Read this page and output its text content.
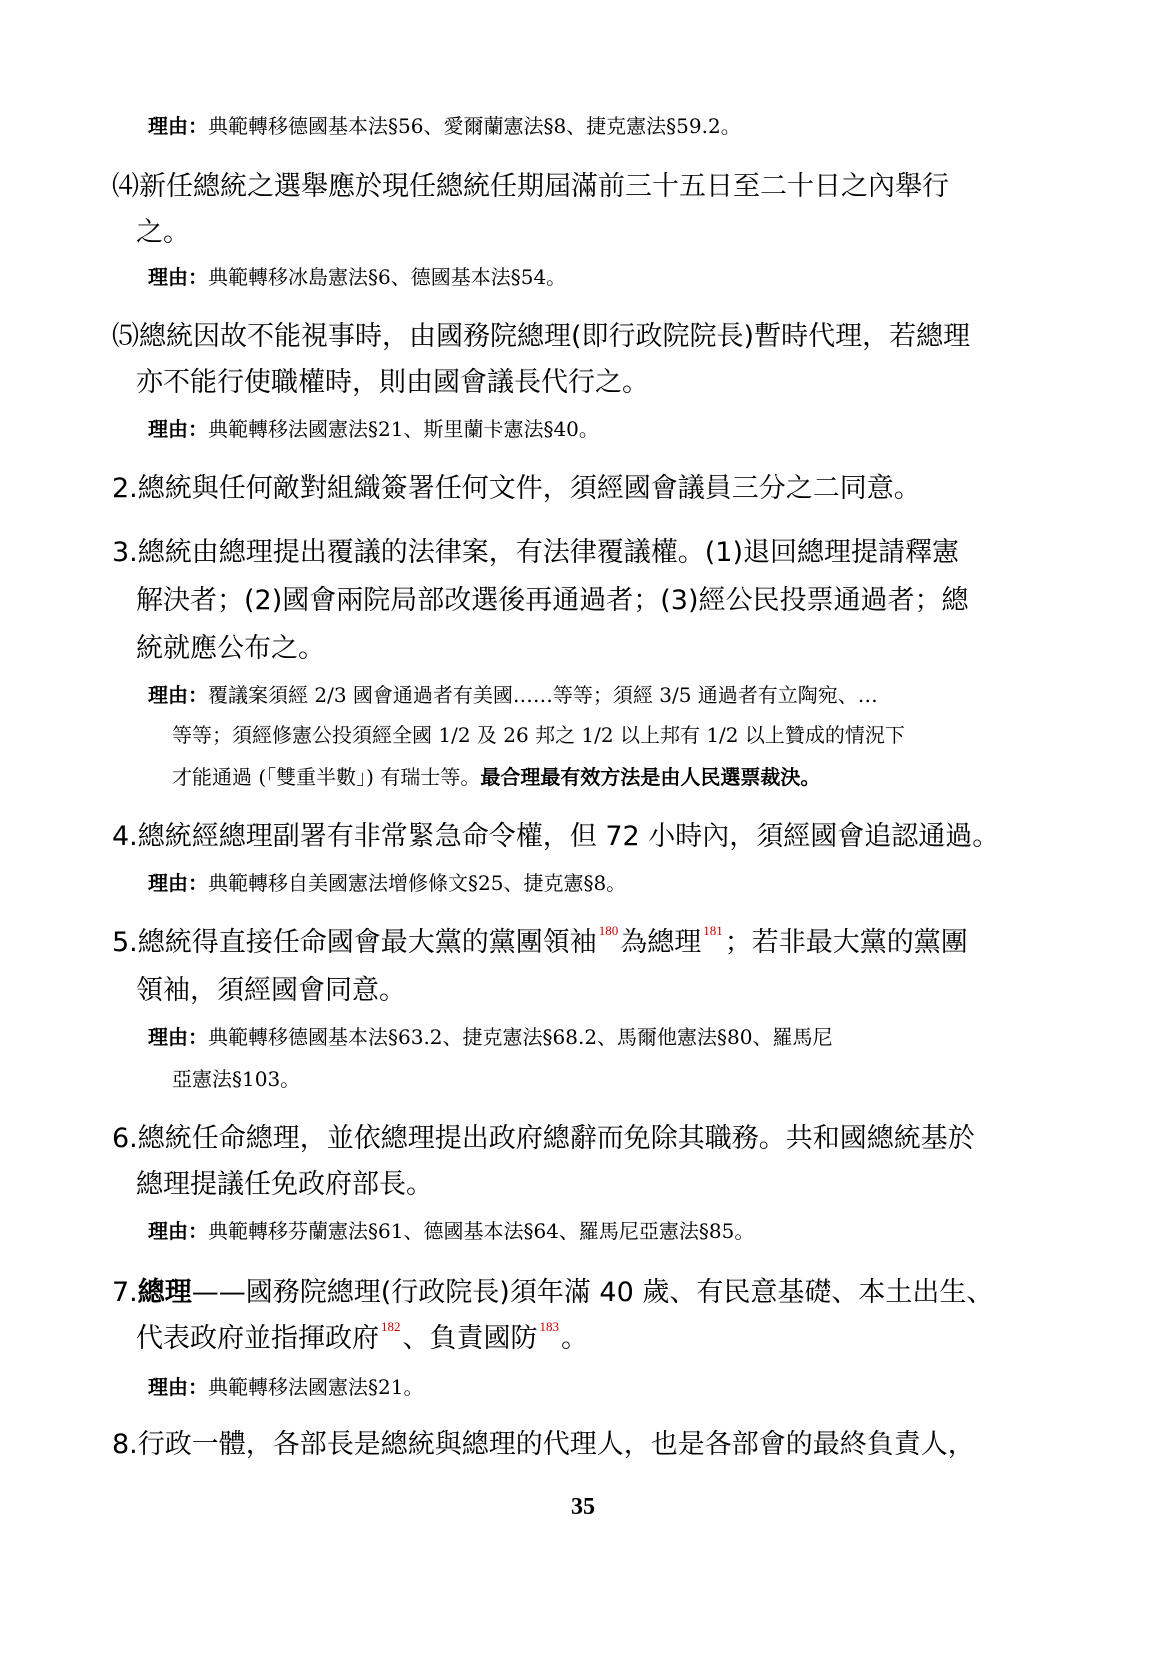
理由：典範轉移德國基本法§56、愛爾蘭憲法§8、捷克憲法§59.2。
⑷新任總統之選舉應於現任總統任期屆滿前三十五日至二十日之內舉行
之。
理由：典範轉移冰島憲法§6、德國基本法§54。
⑸總統因故不能視事時，由國務院總理(即行政院院長)暫時代理，若總理
亦不能行使職權時，則由國會議長代行之。
理由：典範轉移法國憲法§21、斯里蘭卡憲法§40。
2.總統與任何敵對組織簽署任何文件，須經國會議員三分之二同意。
3.總統由總理提出覆議的法律案，有法律覆議權。(1)退回總理提請釋憲
解決者；(2)國會兩院局部改選後再通過者；(3)經公民投票通過者；總
統就應公布之。
理由：覆議案須經 2/3 國會通過者有美國……等等；須經 3/5 通過者有立陶宛、…
等等；須經修憲公投須經全國 1/2 及 26 邦之 1/2 以上邦有 1/2 以上贊成的情況下
才能通過 (「雙重半數」) 有瑞士等。最合理最有效方法是由人民選票裁決。
4.總統經總理副署有非常緊急命令權，但 72 小時內，須經國會追認通過。
理由：典範轉移自美國憲法增修條文§25、捷克憲§8。
5.總統得直接任命國會最大黨的黨團領袖 $^{180}$為總理 $^{181}$；若非最大黨的黨團
領袖，須經國會同意。
理由：典範轉移德國基本法§63.2、捷克憲法§68.2、馬爾他憲法§80、羅馬尼
亞憲法§103。
6.總統任命總理，並依總理提出政府總辭而免除其職務。共和國總統基於
總理提議任免政府部長。
理由：典範轉移芬蘭憲法§61、德國基本法§64、羅馬尼亞憲法§85。
7.總理——國務院總理(行政院長)須年滿 40 歲、有民意基礎、本土出生、
代表政府並指揮政府 $^{182}$、負責國防 $^{183}$。
理由：典範轉移法國憲法§21。
8.行政一體，各部長是總統與總理的代理人，也是各部會的最終負責人，
35
